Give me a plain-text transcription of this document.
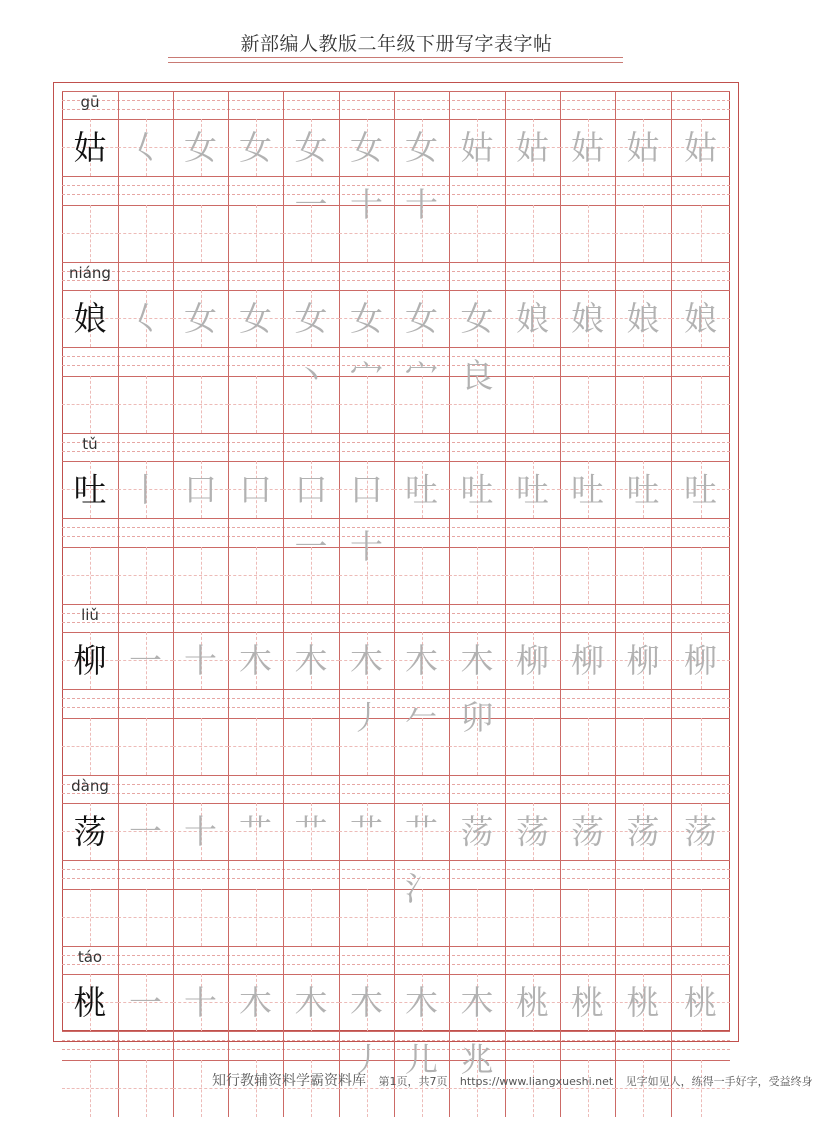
新部编人教版二年级下册写字表字帖
gū
姑 𡿨 女 女 女一
女十
女十
姑 姑 姑 姑 姑
niáng
娘 𡿨 女 女 女丶
女宀
女宀
女良
娘 娘 娘 娘
tǔ
吐 丨 口 口 口一
口十
吐 吐 吐 吐 吐 吐
liǔ
柳 一 十 木 木 木丿
木𠂉
木卯
柳 柳 柳 柳
dàng
荡 一 十 艹 艹 艹 艹氵
荡 荡 荡 荡 荡
táo
桃 一 十 木 木 木丿
木儿
木兆
桃 桃 桃 桃
知行教辅资料学霸资料库 第1页，共7页 https://www.liangxueshi.net 见字如见人，练得一手好字，受益终身
